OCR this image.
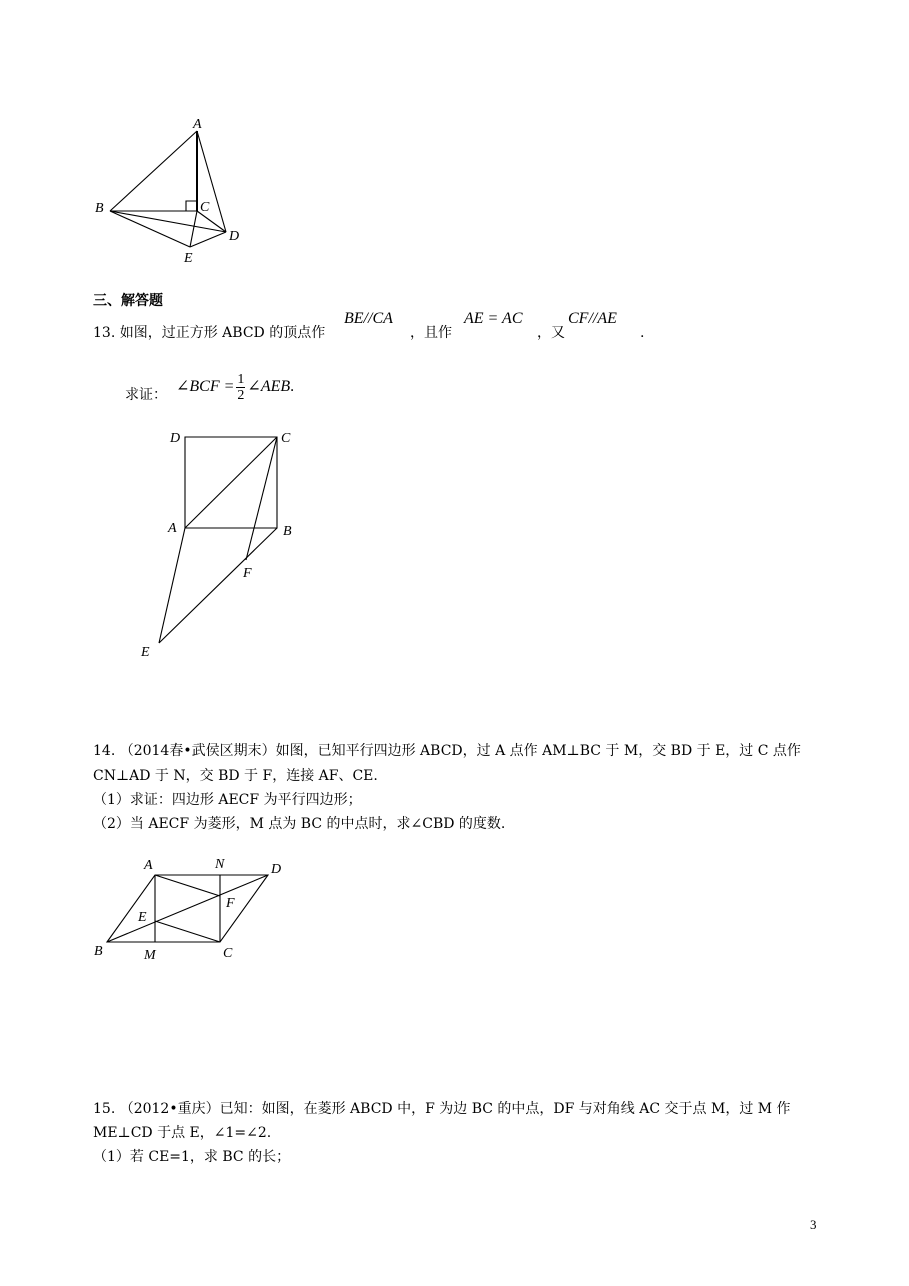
A
B	C
D
E
三、解答题
13. 如图，过正方形 ABCD 的顶点作
BE//CA
，且作
AE = AC
，又
CF//AE
.
求证： ∠BCF = $\frac{1}{2}$ ∠AEB.
D	C
A	B
F
E
14. （2014春•武侯区期末）如图，已知平行四边形 ABCD，过 A 点作 AM⊥BC 于 M，交 BD 于 E，过 C 点作
CN⊥AD 于 N，交 BD 于 F，连接 AF、CE.
（1）求证：四边形 AECF 为平行四边形；
（2）当 AECF 为菱形，M 点为 BC 的中点时，求∠CBD 的度数.
A	N	D
E
F
B	M	C
15. （2012•重庆）已知：如图，在菱形 ABCD 中，F 为边 BC 的中点，DF 与对角线 AC 交于点 M，过 M 作
ME⊥CD 于点 E，∠1=∠2.
（1）若 CE=1，求 BC 的长；
3
